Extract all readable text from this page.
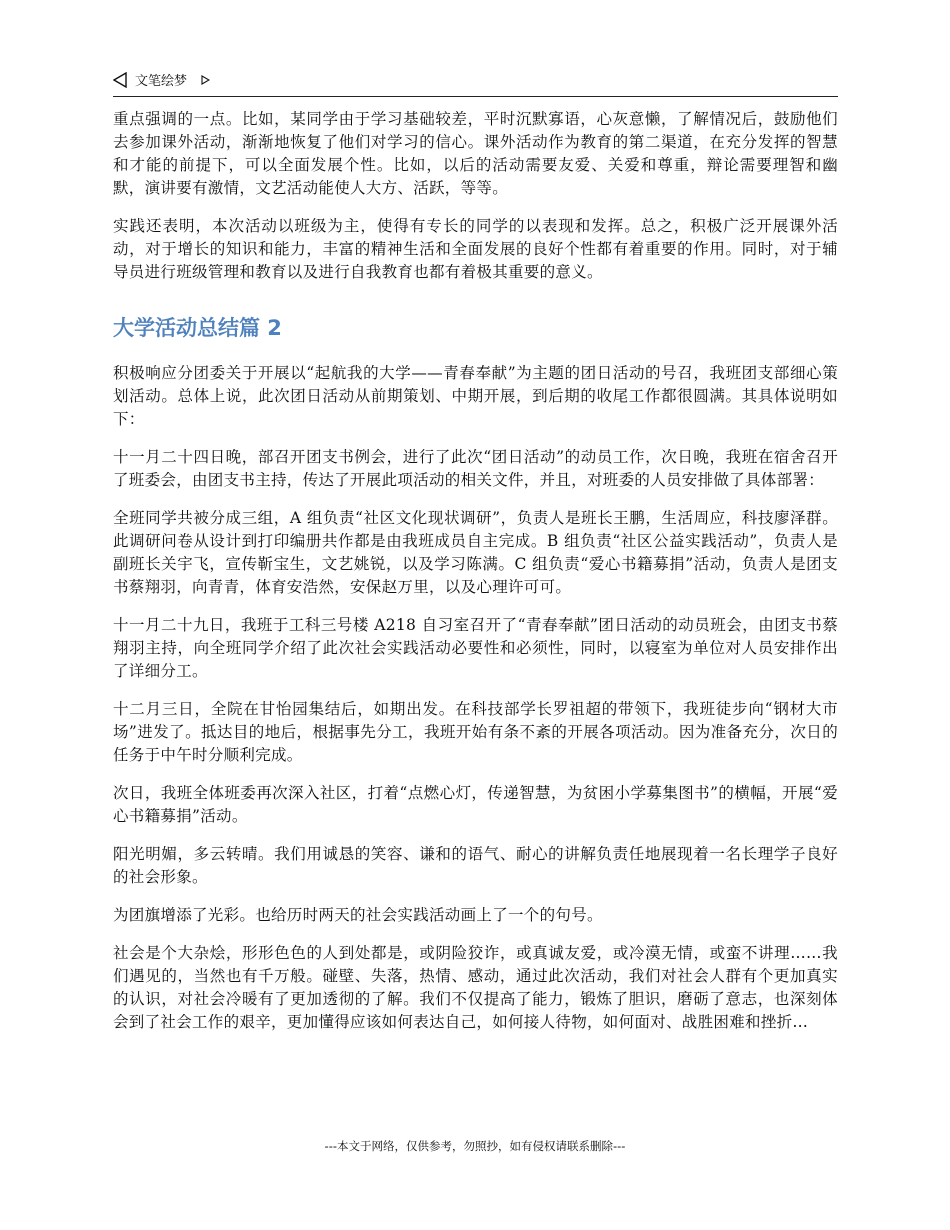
文笔绘梦

重点强调的一点。比如，某同学由于学习基础较差，平时沉默寡语，心灰意懒，了解情况后，鼓励他们去参加课外活动，渐渐地恢复了他们对学习的信心。课外活动作为教育的第二渠道，在充分发挥的智慧和才能的前提下，可以全面发展个性。比如，以后的活动需要友爱、关爱和尊重，辩论需要理智和幽默，演讲要有激情，文艺活动能使人大方、活跃，等等。

实践还表明，本次活动以班级为主，使得有专长的同学的以表现和发挥。总之，积极广泛开展课外活动，对于增长的知识和能力，丰富的精神生活和全面发展的良好个性都有着重要的作用。同时，对于辅导员进行班级管理和教育以及进行自我教育也都有着极其重要的意义。

大学活动总结篇 2

积极响应分团委关于开展以“起航我的大学——青春奉献”为主题的团日活动的号召，我班团支部细心策划活动。总体上说，此次团日活动从前期策划、中期开展，到后期的收尾工作都很圆满。其具体说明如下：

十一月二十四日晚，部召开团支书例会，进行了此次“团日活动”的动员工作，次日晚，我班在宿舍召开了班委会，由团支书主持，传达了开展此项活动的相关文件，并且，对班委的人员安排做了具体部署：

全班同学共被分成三组，A 组负责“社区文化现状调研”，负责人是班长王鹏，生活周应，科技廖泽群。此调研问卷从设计到打印编册共作都是由我班成员自主完成。B 组负责“社区公益实践活动”，负责人是副班长关宇飞，宣传靳宝生，文艺姚锐，以及学习陈满。C 组负责“爱心书籍募捐”活动，负责人是团支书蔡翔羽，向青青，体育安浩然，安保赵万里，以及心理许可可。

十一月二十九日，我班于工科三号楼 A218 自习室召开了“青春奉献”团日活动的动员班会，由团支书蔡翔羽主持，向全班同学介绍了此次社会实践活动必要性和必须性，同时，以寝室为单位对人员安排作出了详细分工。

十二月三日，全院在甘怡园集结后，如期出发。在科技部学长罗祖超的带领下，我班徒步向“钢材大市场”进发了。抵达目的地后，根据事先分工，我班开始有条不紊的开展各项活动。因为准备充分，次日的任务于中午时分顺利完成。

次日，我班全体班委再次深入社区，打着“点燃心灯，传递智慧，为贫困小学募集图书”的横幅，开展“爱心书籍募捐”活动。

阳光明媚，多云转晴。我们用诚恳的笑容、谦和的语气、耐心的讲解负责任地展现着一名长理学子良好的社会形象。

为团旗增添了光彩。也给历时两天的社会实践活动画上了一个的句号。

社会是个大杂烩，形形色色的人到处都是，或阴险狡诈，或真诚友爱，或冷漠无情，或蛮不讲理……我们遇见的，当然也有千万般。碰壁、失落，热情、感动，通过此次活动，我们对社会人群有个更加真实的认识，对社会冷暖有了更加透彻的了解。我们不仅提高了能力，锻炼了胆识，磨砺了意志，也深刻体会到了社会工作的艰辛，更加懂得应该如何表达自己，如何接人待物，如何面对、战胜困难和挫折…

---本文于网络，仅供参考，勿照抄，如有侵权请联系删除---
